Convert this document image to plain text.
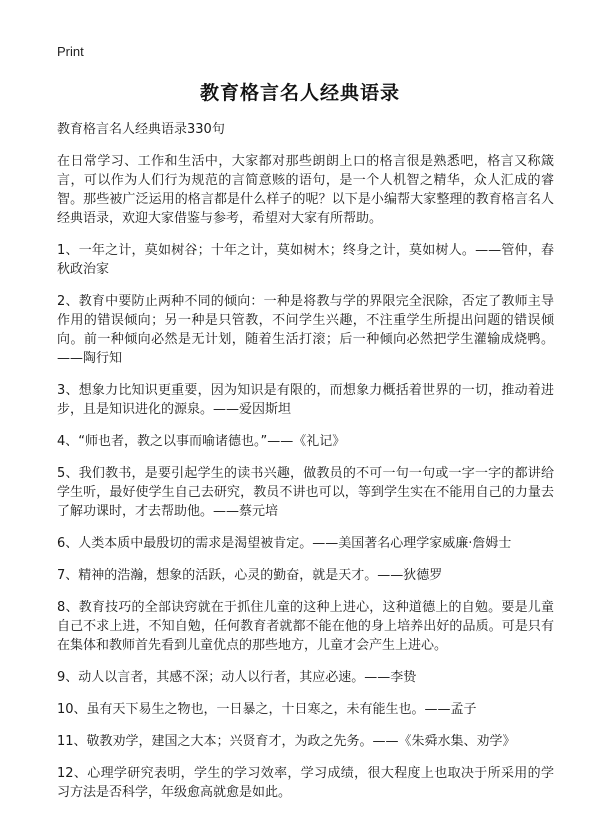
Print
教育格言名人经典语录

教育格言名人经典语录330句

在日常学习、工作和生活中，大家都对那些朗朗上口的格言很是熟悉吧，格言又称箴言，可以作为人们行为规范的言简意赅的语句，是一个人机智之精华，众人汇成的睿智。那些被广泛运用的格言都是什么样子的呢？以下是小编帮大家整理的教育格言名人经典语录，欢迎大家借鉴与参考，希望对大家有所帮助。

1、一年之计，莫如树谷；十年之计，莫如树木；终身之计，莫如树人。——管仲，春秋政治家

2、教育中要防止两种不同的倾向：一种是将教与学的界限完全泯除，否定了教师主导作用的错误倾向；另一种是只管教，不问学生兴趣，不注重学生所提出问题的错误倾向。前一种倾向必然是无计划，随着生活打滚；后一种倾向必然把学生灌输成烧鸭。——陶行知

3、想象力比知识更重要，因为知识是有限的，而想象力概括着世界的一切，推动着进步，且是知识进化的源泉。——爱因斯坦

4、“师也者，教之以事而喻诸德也。”——《礼记》

5、我们教书，是要引起学生的读书兴趣，做教员的不可一句一句或一字一字的都讲给学生听，最好使学生自己去研究，教员不讲也可以，等到学生实在不能用自己的力量去了解功课时，才去帮助他。——蔡元培

6、人类本质中最殷切的需求是渴望被肯定。——美国著名心理学家威廉·詹姆士

7、精神的浩瀚，想象的活跃，心灵的勤奋，就是天才。——狄德罗

8、教育技巧的全部诀窍就在于抓住儿童的这种上进心，这种道德上的自勉。要是儿童自己不求上进，不知自勉，任何教育者就都不能在他的身上培养出好的品质。可是只有在集体和教师首先看到儿童优点的那些地方，儿童才会产生上进心。

9、动人以言者，其感不深；动人以行者，其应必速。——李贽

10、虽有天下易生之物也，一日暴之，十日寒之，未有能生也。——孟子

11、敬教劝学，建国之大本；兴贤育才，为政之先务。——《朱舜水集、劝学》

12、心理学研究表明，学生的学习效率，学习成绩，很大程度上也取决于所采用的学习方法是否科学，年级愈高就愈是如此。
